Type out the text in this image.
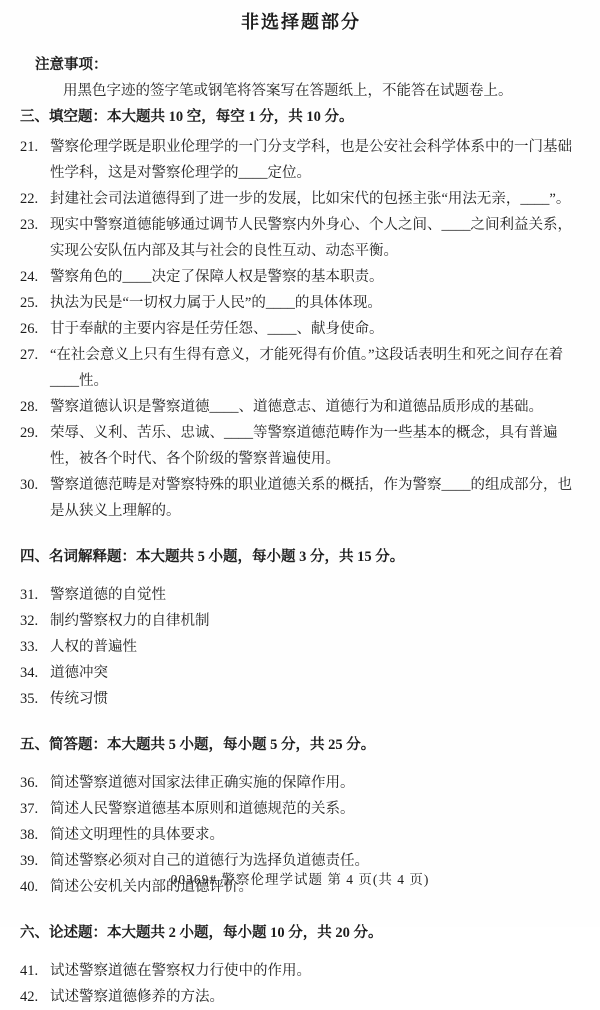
非选择题部分
注意事项：
用黑色字迹的签字笔或钢笔将答案写在答题纸上，不能答在试题卷上。
三、填空题：本大题共 10 空，每空 1 分，共 10 分。
21. 警察伦理学既是职业伦理学的一门分支学科，也是公安社会科学体系中的一门基础性学科，这是对警察伦理学的____定位。
22. 封建社会司法道德得到了进一步的发展，比如宋代的包拯主张“用法无亲，____”。
23. 现实中警察道德能够通过调节人民警察内外身心、个人之间、____之间利益关系，实现公安队伍内部及其与社会的良性互动、动态平衡。
24. 警察角色的____决定了保障人权是警察的基本职责。
25. 执法为民是“一切权力属于人民”的____的具体体现。
26. 甘于奉献的主要内容是任劳任怨、____、献身使命。
27. “在社会意义上只有生得有意义，才能死得有价值。”这段话表明生和死之间存在着____性。
28. 警察道德认识是警察道德____、道德意志、道德行为和道德品质形成的基础。
29. 荣辱、义利、苦乐、忠诚、____等警察道德范畴作为一些基本的概念，具有普遍性，被各个时代、各个阶级的警察普遍使用。
30. 警察道德范畴是对警察特殊的职业道德关系的概括，作为警察____的组成部分，也是从狭义上理解的。
四、名词解释题：本大题共 5 小题，每小题 3 分，共 15 分。
31. 警察道德的自觉性
32. 制约警察权力的自律机制
33. 人权的普遍性
34. 道德冲突
35. 传统习惯
五、简答题：本大题共 5 小题，每小题 5 分，共 25 分。
36. 简述警察道德对国家法律正确实施的保障作用。
37. 简述人民警察道德基本原则和道德规范的关系。
38. 简述文明理性的具体要求。
39. 简述警察必须对自己的道德行为选择负道德责任。
40. 简述公安机关内部的道德评价。
六、论述题：本大题共 2 小题，每小题 10 分，共 20 分。
41. 试述警察道德在警察权力行使中的作用。
42. 试述警察道德修养的方法。
00369# 警察伦理学试题 第 4 页(共 4 页)
